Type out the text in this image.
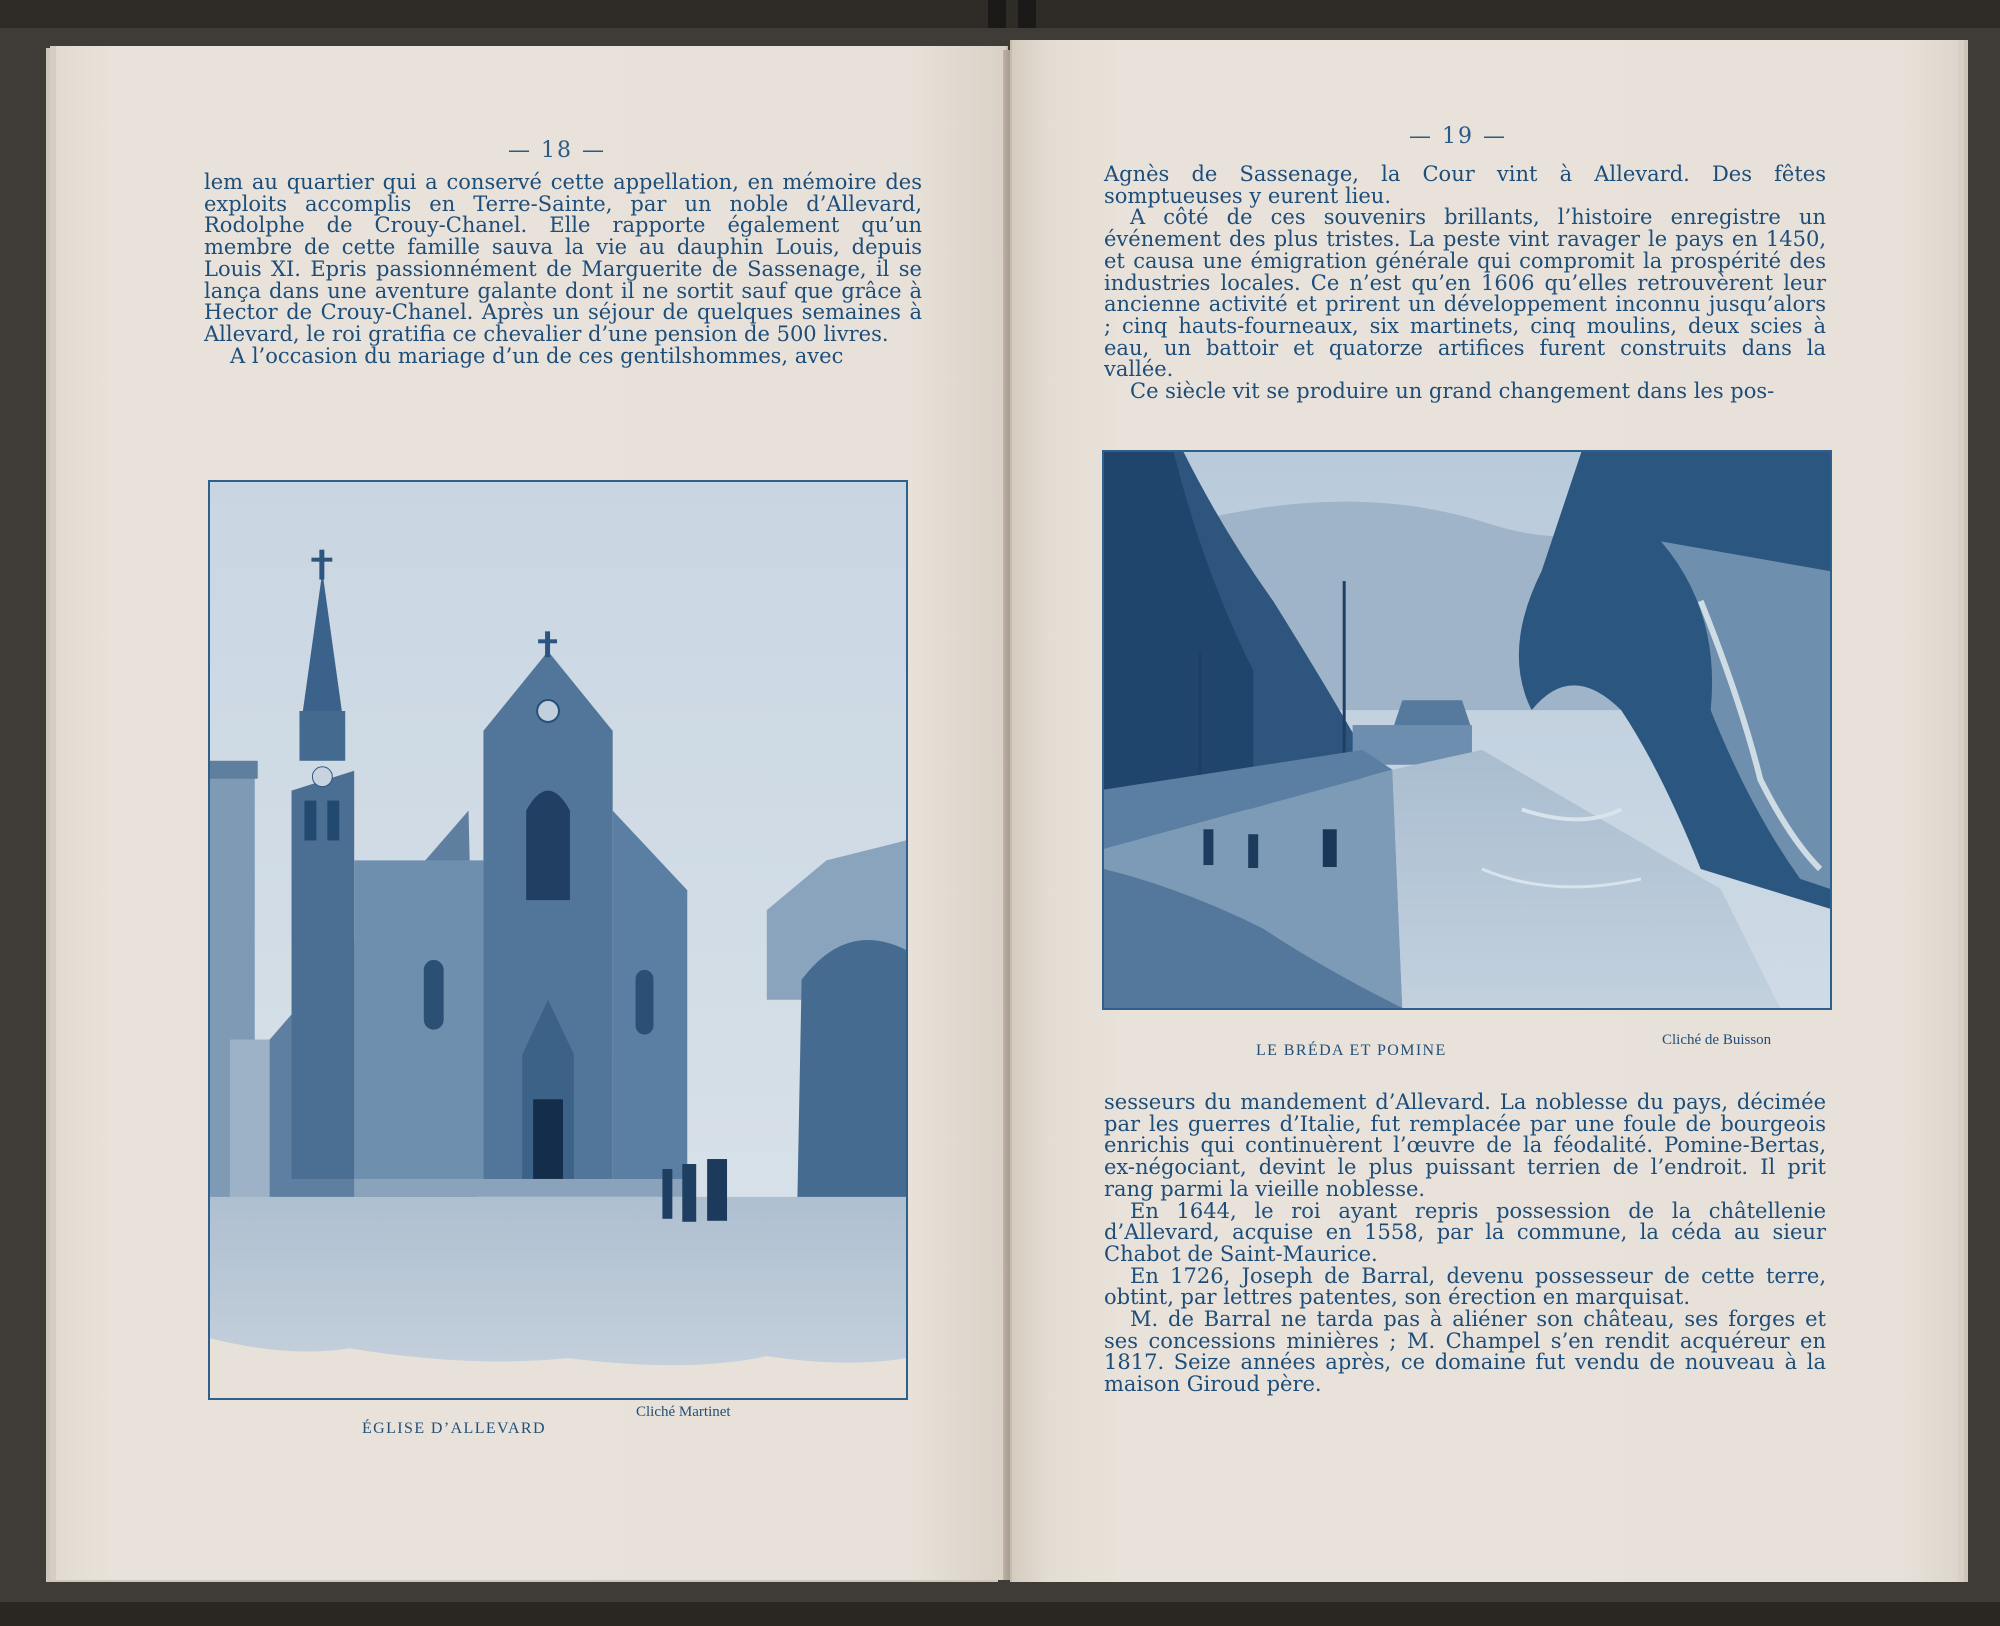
— 18 —

lem au quartier qui a conservé cette appellation, en mémoire des exploits accomplis en Terre-Sainte, par un noble d’Allevard, Rodolphe de Crouy-Chanel. Elle rapporte également qu’un membre de cette famille sauva la vie au dauphin Louis, depuis Louis XI. Epris passionnément de Marguerite de Sassenage, il se lança dans une aventure galante dont il ne sortit sauf que grâce à Hector de Crouy-Chanel. Après un séjour de quelques semaines à Allevard, le roi gratifia ce chevalier d’une pension de 500 livres.

A l’occasion du mariage d’un de ces gentilshommes, avec

ÉGLISE D’ALLEVARD
Cliché Martinet
— 19 —

Agnès de Sassenage, la Cour vint à Allevard. Des fêtes somptueuses y eurent lieu.

A côté de ces souvenirs brillants, l’histoire enregistre un événement des plus tristes. La peste vint ravager le pays en 1450, et causa une émigration générale qui compromit la prospérité des industries locales. Ce n’est qu’en 1606 qu’elles retrouvèrent leur ancienne activité et prirent un développement inconnu jusqu’alors ; cinq hauts-fourneaux, six martinets, cinq moulins, deux scies à eau, un battoir et quatorze artifices furent construits dans la vallée.

Ce siècle vit se produire un grand changement dans les pos-

LE BRÉDA ET POMINE
Cliché de Buisson

sesseurs du mandement d’Allevard. La noblesse du pays, décimée par les guerres d’Italie, fut remplacée par une foule de bourgeois enrichis qui continuèrent l’œuvre de la féodalité. Pomine-Bertas, ex-négociant, devint le plus puissant terrien de l’endroit. Il prit rang parmi la vieille noblesse.

En 1644, le roi ayant repris possession de la châtellenie d’Allevard, acquise en 1558, par la commune, la céda au sieur Chabot de Saint-Maurice.

En 1726, Joseph de Barral, devenu possesseur de cette terre, obtint, par lettres patentes, son érection en marquisat.

M. de Barral ne tarda pas à aliéner son château, ses forges et ses concessions minières ; M. Champel s’en rendit acquéreur en 1817. Seize années après, ce domaine fut vendu de nouveau à la maison Giroud père.
